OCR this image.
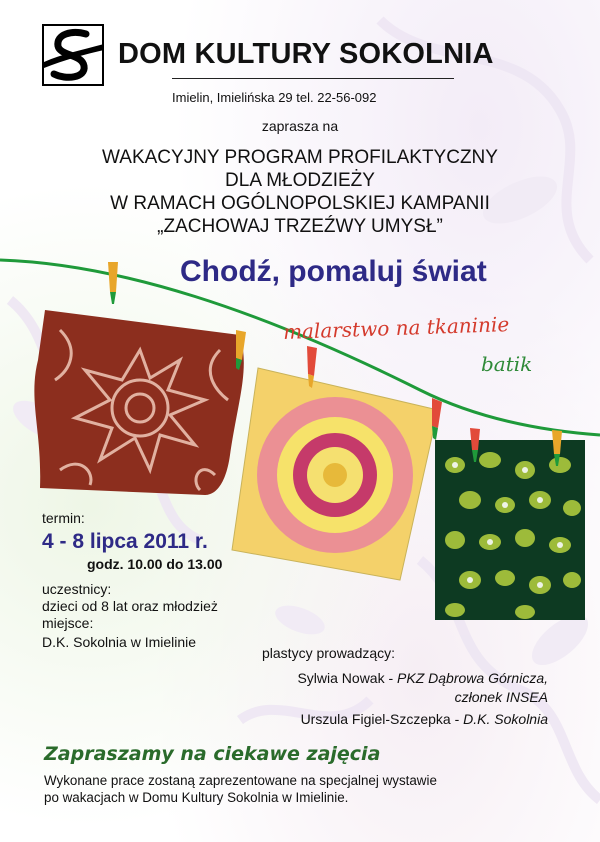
DOM KULTURY SOKOLNIA
Imielin, Imielińska 29 tel. 22-56-092
zaprasza na
WAKACYJNY PROGRAM PROFILAKTYCZNY
DLA MŁODZIEŻY
W RAMACH OGÓLNOPOLSKIEJ KAMPANII
„ZACHOWAJ TRZEŹWY UMYSŁ”
Chodź, pomaluj świat
malarstwo na tkaninie
batik
termin:
4 - 8 lipca 2011 r.
godz. 10.00 do 13.00
uczestnicy:
dzieci od 8 lat oraz młodzież
miejsce:
D.K. Sokolnia w Imielinie
plastycy prowadzący:
Sylwia Nowak - PKZ Dąbrowa Górnicza,
członek INSEA
Urszula Figiel-Szczepka - D.K. Sokolnia
Zapraszamy na ciekawe zajęcia
Wykonane prace zostaną zaprezentowane na specjalnej wystawie
po wakacjach w Domu Kultury Sokolnia w Imielinie.
